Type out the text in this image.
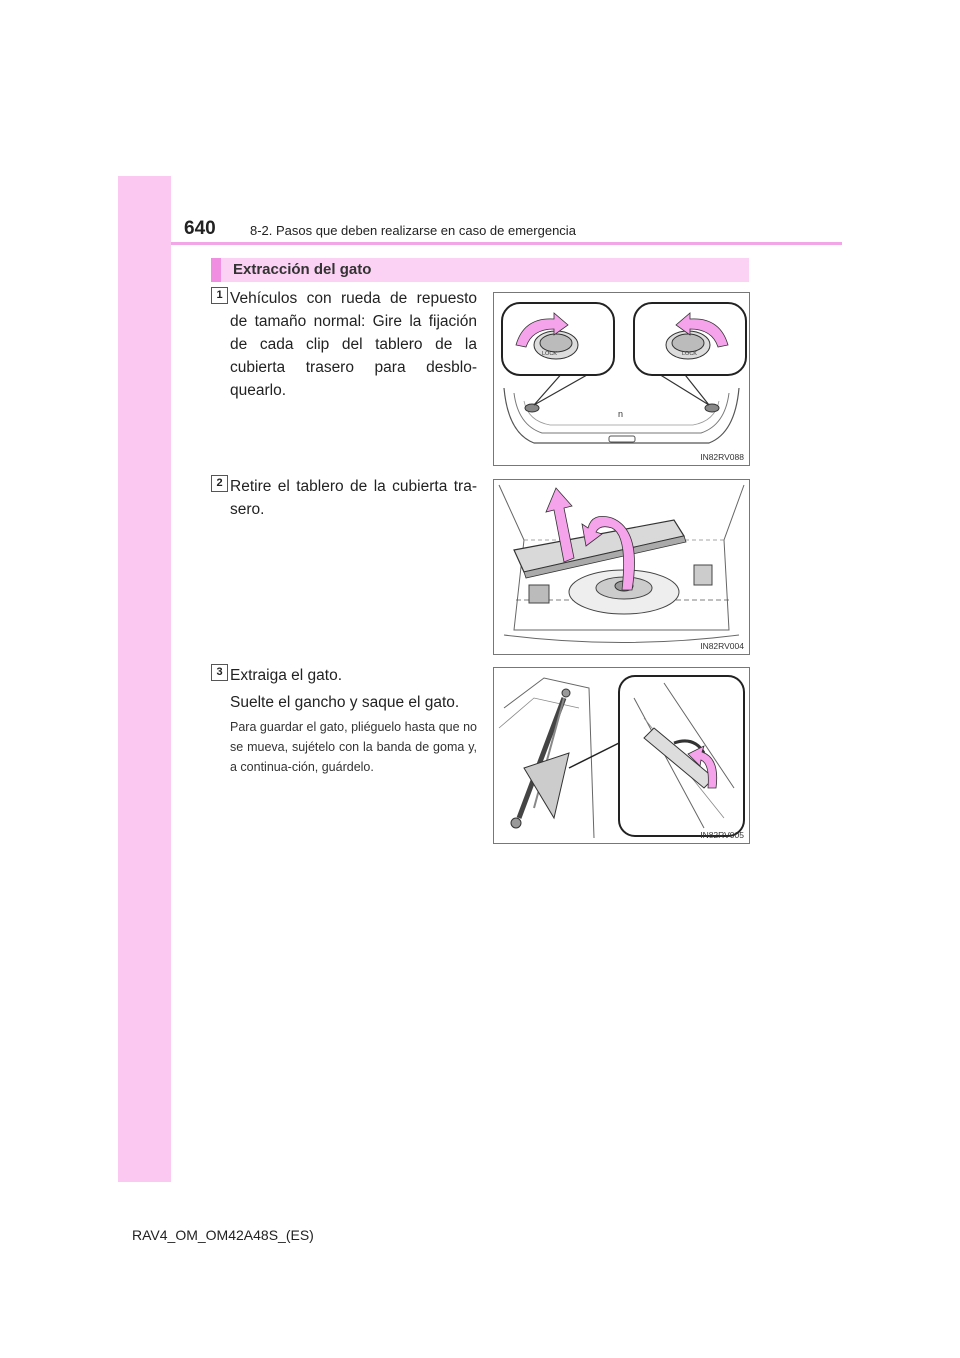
640	8-2. Pasos que deben realizarse en caso de emergencia
Extracción del gato
1 Vehículos con rueda de repuesto de tamaño normal: Gire la fijación de cada clip del tablero de la cubierta trasero para desblo-quearlo.
n
LOCK	LOCK
IN82RV088
2 Retire el tablero de la cubierta tra-sero.
IN82RV004
3 Extraiga el gato.
Suelte el gancho y saque el gato.
Para guardar el gato, pliéguelo hasta que no se mueva, sujételo con la banda de goma y, a continua-ción, guárdelo.
IN82RV005
RAV4_OM_OM42A48S_(ES)
